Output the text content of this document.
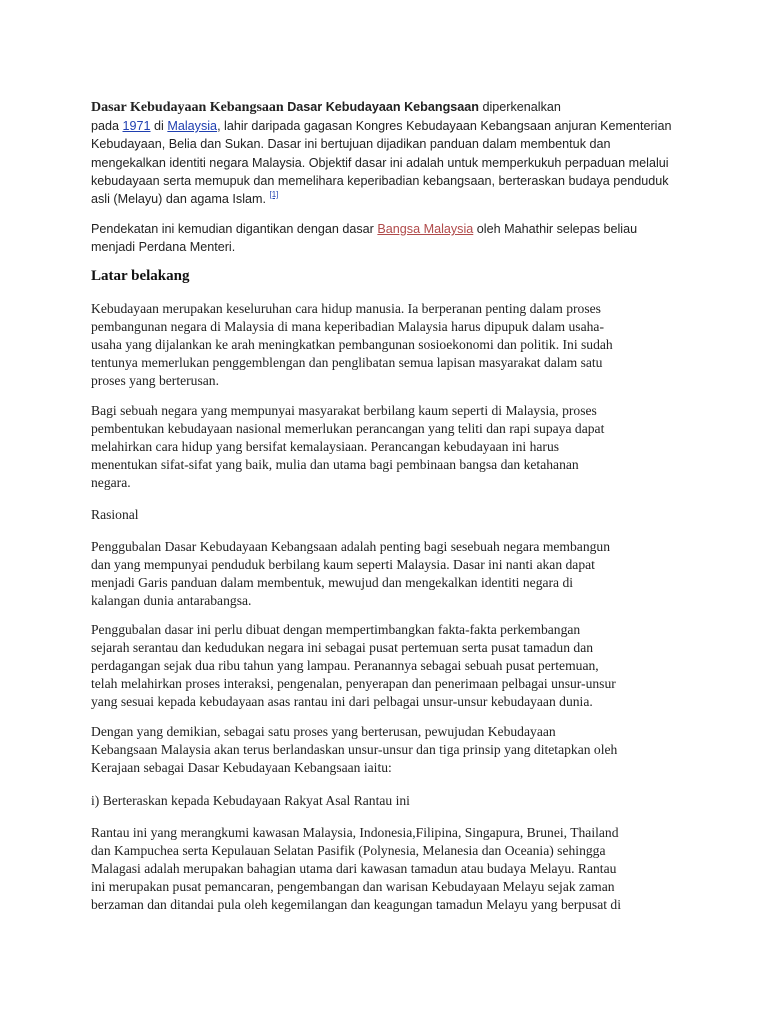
Dasar Kebudayaan Kebangsaan Dasar Kebudayaan Kebangsaan diperkenalkan
pada 1971 di Malaysia, lahir daripada gagasan Kongres Kebudayaan Kebangsaan anjuran Kementerian
Kebudayaan, Belia dan Sukan. Dasar ini bertujuan dijadikan panduan dalam membentuk dan
mengekalkan identiti negara Malaysia. Objektif dasar ini adalah untuk memperkukuh perpaduan melalui
kebudayaan serta memupuk dan memelihara keperibadian kebangsaan, berteraskan budaya penduduk
asli (Melayu) dan agama Islam. [1]
Pendekatan ini kemudian digantikan dengan dasar Bangsa Malaysia oleh Mahathir selepas beliau
menjadi Perdana Menteri.
Latar belakang
Kebudayaan merupakan keseluruhan cara hidup manusia. Ia berperanan penting dalam proses
pembangunan negara di Malaysia di mana keperibadian Malaysia harus dipupuk dalam usaha-
usaha yang dijalankan ke arah meningkatkan pembangunan sosioekonomi dan politik. Ini sudah
tentunya memerlukan penggemblengan dan penglibatan semua lapisan masyarakat dalam satu
proses yang berterusan.
Bagi sebuah negara yang mempunyai masyarakat berbilang kaum seperti di Malaysia, proses
pembentukan kebudayaan nasional memerlukan perancangan yang teliti dan rapi supaya dapat
melahirkan cara hidup yang bersifat kemalaysiaan. Perancangan kebudayaan ini harus
menentukan sifat-sifat yang baik, mulia dan utama bagi pembinaan bangsa dan ketahanan
negara.
Rasional
Penggubalan Dasar Kebudayaan Kebangsaan adalah penting bagi sesebuah negara membangun
dan yang mempunyai penduduk berbilang kaum seperti Malaysia. Dasar ini nanti akan dapat
menjadi Garis panduan dalam membentuk, mewujud dan mengekalkan identiti negara di
kalangan dunia antarabangsa.
Penggubalan dasar ini perlu dibuat dengan mempertimbangkan fakta-fakta perkembangan
sejarah serantau dan kedudukan negara ini sebagai pusat pertemuan serta pusat tamadun dan
perdagangan sejak dua ribu tahun yang lampau. Peranannya sebagai sebuah pusat pertemuan,
telah melahirkan proses interaksi, pengenalan, penyerapan dan penerimaan pelbagai unsur-unsur
yang sesuai kepada kebudayaan asas rantau ini dari pelbagai unsur-unsur kebudayaan dunia.
Dengan yang demikian, sebagai satu proses yang berterusan, pewujudan Kebudayaan
Kebangsaan Malaysia akan terus berlandaskan unsur-unsur dan tiga prinsip yang ditetapkan oleh
Kerajaan sebagai Dasar Kebudayaan Kebangsaan iaitu:
i) Berteraskan kepada Kebudayaan Rakyat Asal Rantau ini
Rantau ini yang merangkumi kawasan Malaysia, Indonesia,Filipina, Singapura, Brunei, Thailand
dan Kampuchea serta Kepulauan Selatan Pasifik (Polynesia, Melanesia dan Oceania) sehingga
Malagasi adalah merupakan bahagian utama dari kawasan tamadun atau budaya Melayu. Rantau
ini merupakan pusat pemancaran, pengembangan dan warisan Kebudayaan Melayu sejak zaman
berzaman dan ditandai pula oleh kegemilangan dan keagungan tamadun Melayu yang berpusat di
